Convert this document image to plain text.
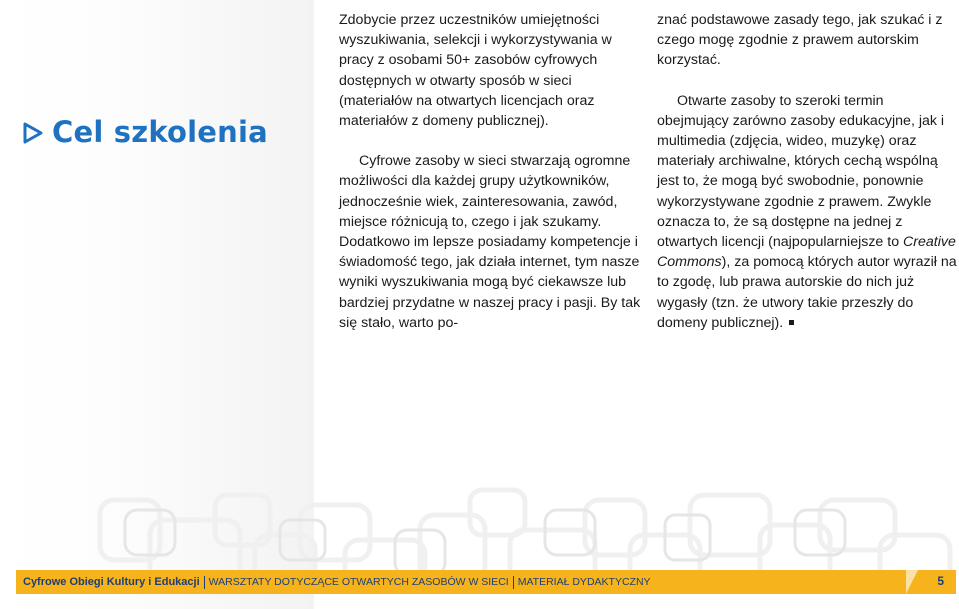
Cel szkolenia

Zdobycie przez uczestników umiejętności wyszukiwania, selekcji i wykorzystywania w pracy z osobami 50+ zasobów cyfrowych dostępnych w otwarty sposób w sieci (materiałów na otwartych licencjach oraz materiałów z domeny publicznej).

Cyfrowe zasoby w sieci stwarzają ogromne możliwości dla każdej grupy użytkowników, jednocześnie wiek, zainteresowania, zawód, miejsce różnicują to, czego i jak szukamy. Dodatkowo im lepsze posiadamy kompetencje i świadomość tego, jak działa internet, tym nasze wyniki wyszukiwania mogą być ciekawsze lub bardziej przydatne w naszej pracy i pasji. By tak się stało, warto po-

znać podstawowe zasady tego, jak szukać i z czego mogę zgodnie z prawem autorskim korzystać.

Otwarte zasoby to szeroki termin obejmujący zarówno zasoby edukacyjne, jak i multimedia (zdjęcia, wideo, muzykę) oraz materiały archiwalne, których cechą wspólną jest to, że mogą być swobodnie, ponownie wykorzystywane zgodnie z prawem. Zwykle oznacza to, że są dostępne na jednej z otwartych licencji (najpopularniejsze to Creative Commons), za pomocą których autor wyraził na to zgodę, lub prawa autorskie do nich już wygasły (tzn. że utwory takie przeszły do domeny publicznej).

Cyfrowe Obiegi Kultury i Edukacji WARSZTATY DOTYCZĄCE OTWARTYCH ZASOBÓW W SIECI MATERIAŁ DYDAKTYCZNY	5
